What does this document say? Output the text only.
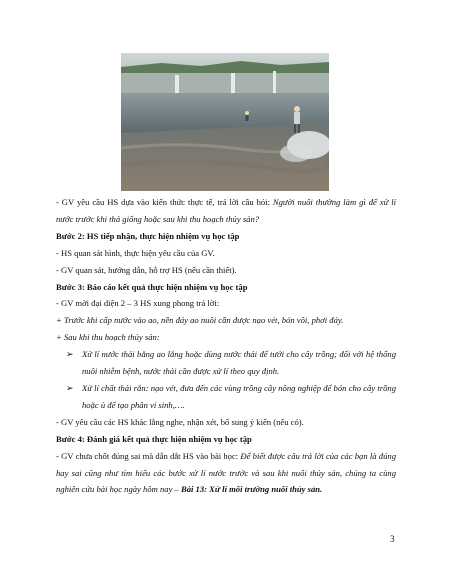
- GV yêu cầu HS dựa vào kiến thức thực tế, trả lời câu hỏi: Người nuôi thường làm gì để xử lí nước trước khi thả giống hoặc sau khi thu hoạch thủy sản?

Bước 2: HS tiếp nhận, thực hiện nhiệm vụ học tập

- HS quan sát hình, thực hiện yêu cầu của GV.

- GV quan sát, hướng dẫn, hỗ trợ HS (nếu cần thiết).

Bước 3: Báo cáo kết quả thực hiện nhiệm vụ học tập

- GV mời đại diện 2 – 3 HS xung phong trả lời:

+ Trước khi cấp nước vào ao, nền đáy ao nuôi cần được nạo vét, bón vôi, phơi đáy.

+ Sau khi thu hoạch thủy sản:

➢ Xử lí nước thải bằng ao lắng hoặc dùng nước thải để tưới cho cây trồng; đối với hệ thống nuôi nhiễm bệnh, nước thải cần được xử lí theo quy định.

➢ Xử lí chất thải rắn: nạo vét, đưa đến các vùng trồng cây nông nghiệp để bón cho cây trồng hoặc ủ để tạo phân vi sinh,….

- GV yêu cầu các HS khác lắng nghe, nhận xét, bổ sung ý kiến (nếu có).

Bước 4: Đánh giá kết quả thực hiện nhiệm vụ học tập

- GV chưa chốt đúng sai mà dẫn dắt HS vào bài học: Để biết được câu trả lời của các bạn là đúng hay sai cũng như tìm hiểu các bước xử lí nước trước và sau khi nuôi thủy sản, chúng ta cùng nghiên cứu bài học ngày hôm nay – Bài 13: Xử lí môi trường nuôi thủy sản.

3
